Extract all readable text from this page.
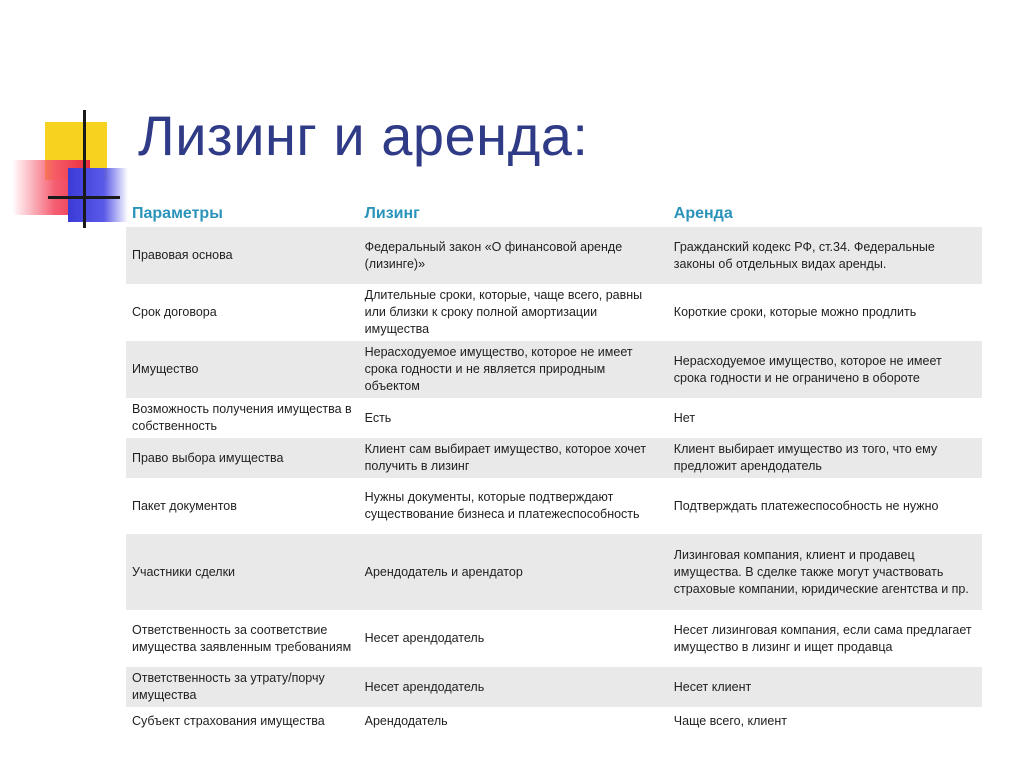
Лизинг и аренда:
Параметры	Лизинг	Аренда
Правовая основа	Федеральный закон «О финансовой аренде (лизинге)»	Гражданский кодекс РФ, ст.34. Федеральные законы об отдельных видах аренды.
Срок договора	Длительные сроки, которые, чаще всего, равны или близки к сроку полной амортизации имущества	Короткие сроки, которые можно продлить
Имущество	Нерасходуемое имущество, которое не имеет срока годности и не является природным объектом	Нерасходуемое имущество, которое не имеет срока годности и не ограничено в обороте
Возможность получения имущества в собственность	Есть	Нет
Право выбора имущества	Клиент сам выбирает имущество, которое хочет получить в лизинг	Клиент выбирает имущество из того, что ему предложит арендодатель
Пакет документов	Нужны документы, которые подтверждают существование бизнеса и платежеспособность	Подтверждать платежеспособность не нужно
Участники сделки	Арендодатель и арендатор	Лизинговая компания, клиент и продавец имущества. В сделке также могут участвовать страховые компании, юридические агентства и пр.
Ответственность за соответствие имущества заявленным требованиям	Несет арендодатель	Несет лизинговая компания, если сама предлагает имущество в лизинг и ищет продавца
Ответственность за утрату/порчу имущества	Несет арендодатель	Несет клиент
Субъект страхования имущества	Арендодатель	Чаще всего, клиент
